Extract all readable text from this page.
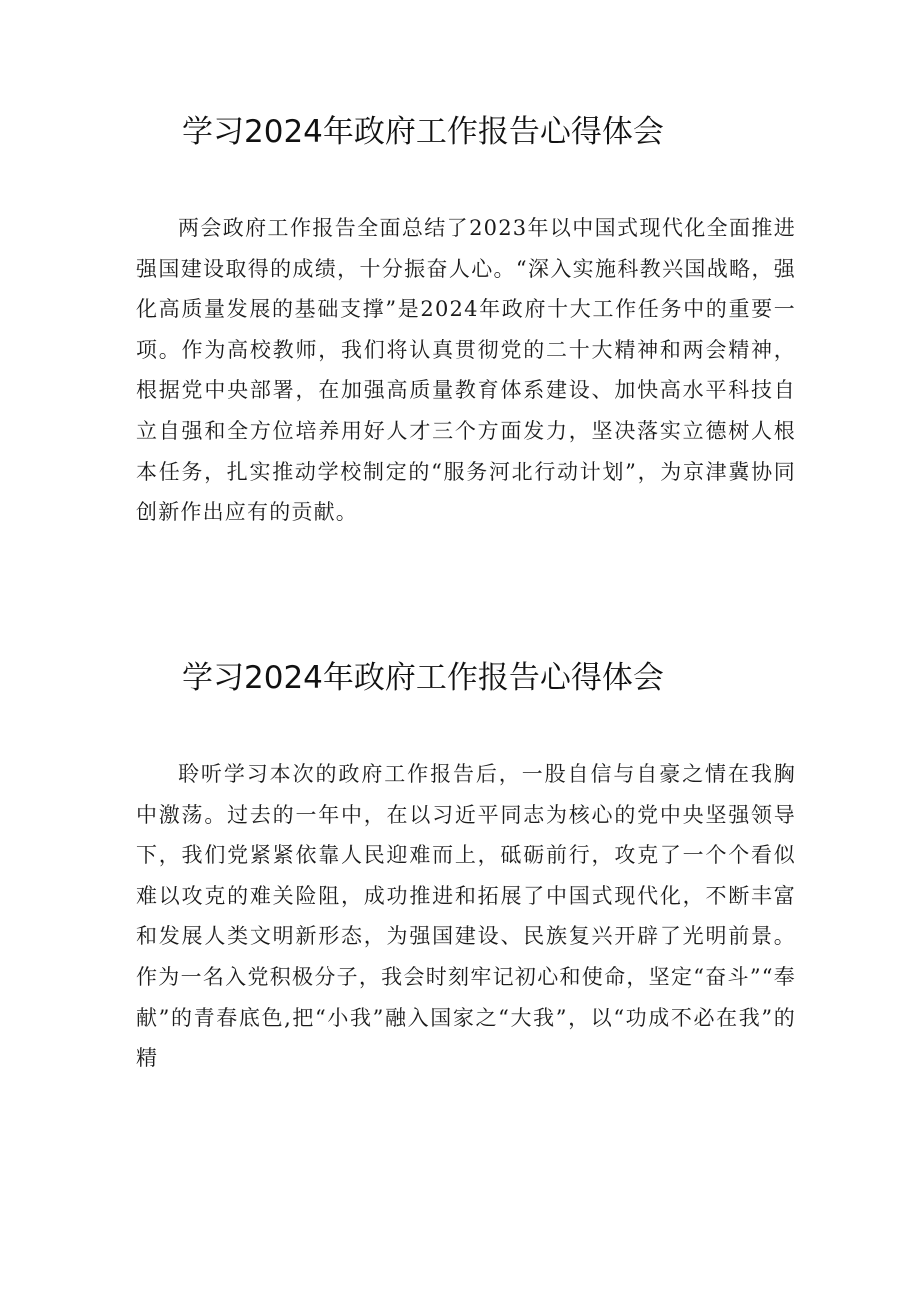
学习2024年政府工作报告心得体会

两会政府工作报告全面总结了2023年以中国式现代化全面推进强国建设取得的成绩，十分振奋人心。“深入实施科教兴国战略，强化高质量发展的基础支撑”是2024年政府十大工作任务中的重要一项。作为高校教师，我们将认真贯彻党的二十大精神和两会精神，根据党中央部署，在加强高质量教育体系建设、加快高水平科技自立自强和全方位培养用好人才三个方面发力，坚决落实立德树人根本任务，扎实推动学校制定的“服务河北行动计划”，为京津冀协同创新作出应有的贡献。

学习2024年政府工作报告心得体会

聆听学习本次的政府工作报告后，一股自信与自豪之情在我胸中激荡。过去的一年中，在以习近平同志为核心的党中央坚强领导下，我们党紧紧依靠人民迎难而上，砥砺前行，攻克了一个个看似难以攻克的难关险阻，成功推进和拓展了中国式现代化，不断丰富和发展人类文明新形态，为强国建设、民族复兴开辟了光明前景。作为一名入党积极分子，我会时刻牢记初心和使命，坚定“奋斗”“奉献”的青春底色,把“小我”融入国家之“大我”，以“功成不必在我”的精
